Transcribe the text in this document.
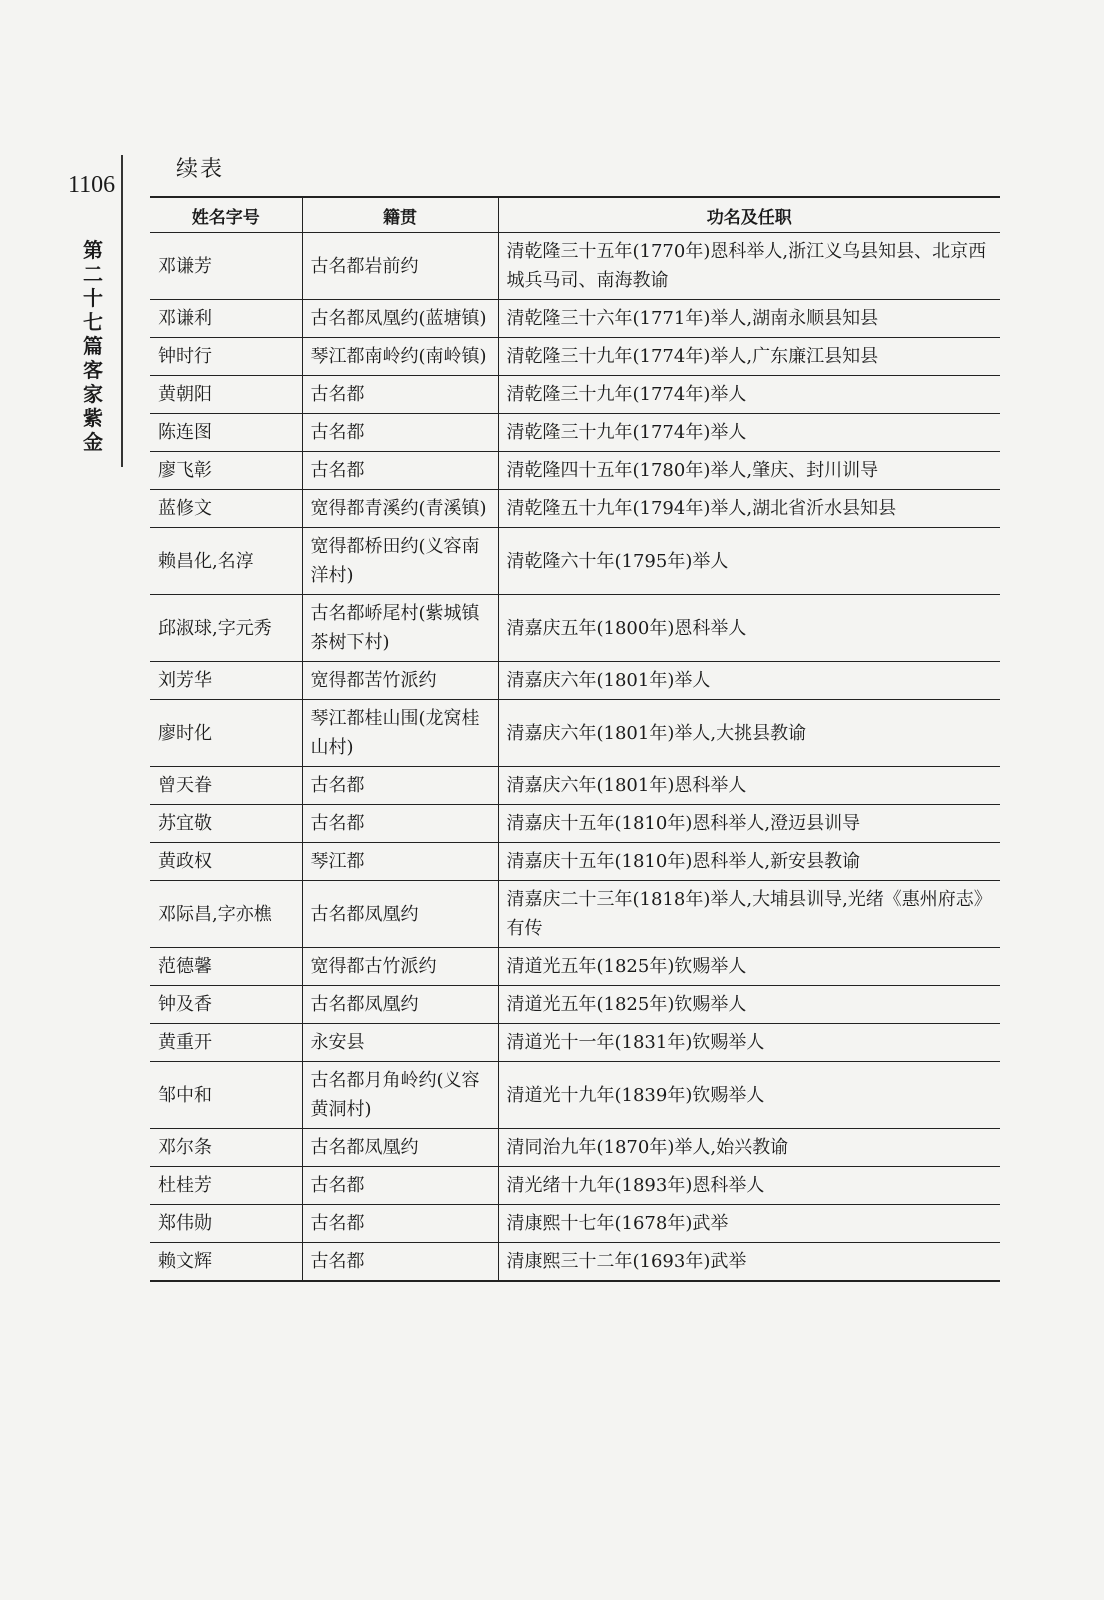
1106
第二十七篇 客家紫金
续表
姓名字号	籍贯	功名及任职
邓谦芳	古名都岩前约	清乾隆三十五年(1770年)恩科举人,浙江义乌县知县、北京西城兵马司、南海教谕
邓谦利	古名都凤凰约(蓝塘镇)	清乾隆三十六年(1771年)举人,湖南永顺县知县
钟时行	琴江都南岭约(南岭镇)	清乾隆三十九年(1774年)举人,广东廉江县知县
黄朝阳	古名都	清乾隆三十九年(1774年)举人
陈连图	古名都	清乾隆三十九年(1774年)举人
廖飞彰	古名都	清乾隆四十五年(1780年)举人,肇庆、封川训导
蓝修文	宽得都青溪约(青溪镇)	清乾隆五十九年(1794年)举人,湖北省沂水县知县
赖昌化,名淳	宽得都桥田约(义容南洋村)	清乾隆六十年(1795年)举人
邱淑球,字元秀	古名都峤尾村(紫城镇茶树下村)	清嘉庆五年(1800年)恩科举人
刘芳华	宽得都苦竹派约	清嘉庆六年(1801年)举人
廖时化	琴江都桂山围(龙窝桂山村)	清嘉庆六年(1801年)举人,大挑县教谕
曾天眷	古名都	清嘉庆六年(1801年)恩科举人
苏宜敬	古名都	清嘉庆十五年(1810年)恩科举人,澄迈县训导
黄政权	琴江都	清嘉庆十五年(1810年)恩科举人,新安县教谕
邓际昌,字亦樵	古名都凤凰约	清嘉庆二十三年(1818年)举人,大埔县训导,光绪《惠州府志》有传
范德馨	宽得都古竹派约	清道光五年(1825年)钦赐举人
钟及香	古名都凤凰约	清道光五年(1825年)钦赐举人
黄重开	永安县	清道光十一年(1831年)钦赐举人
邹中和	古名都月角岭约(义容黄洞村)	清道光十九年(1839年)钦赐举人
邓尔条	古名都凤凰约	清同治九年(1870年)举人,始兴教谕
杜桂芳	古名都	清光绪十九年(1893年)恩科举人
郑伟勋	古名都	清康熙十七年(1678年)武举
赖文辉	古名都	清康熙三十二年(1693年)武举
